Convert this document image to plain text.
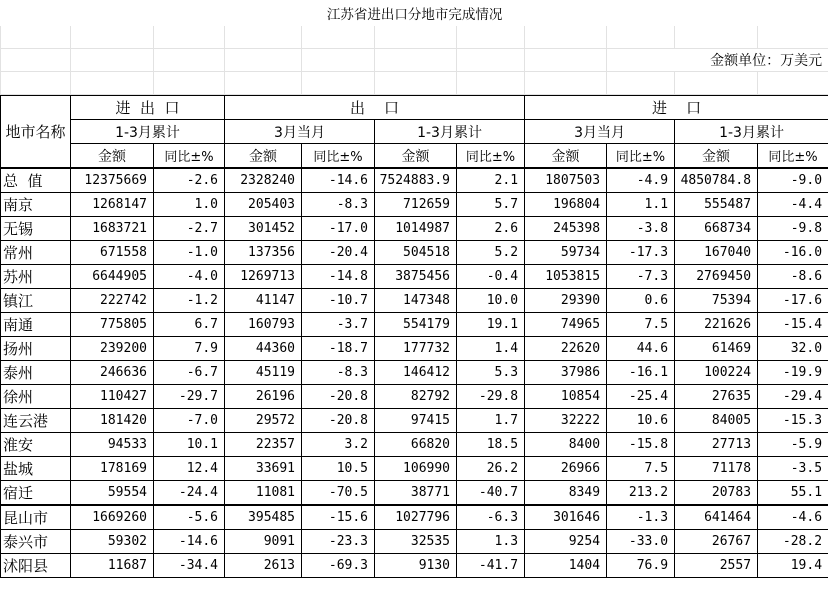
江苏省进出口分地市完成情况										

								金额单位：万美元		

地市名称	进  出  口		出    口				进    口			
	1-3月累计		3月当月		1-3月累计		3月当月		1-3月累计	
	金额	同比±%	金额	同比±%	金额	同比±%	金额	同比±%	金额	同比±%
总  值	12375669	-2.6	2328240	-14.6	7524883.9	2.1	1807503	-4.9	4850784.8	-9.0
南京	1268147	1.0	205403	-8.3	712659	5.7	196804	1.1	555487	-4.4
无锡	1683721	-2.7	301452	-17.0	1014987	2.6	245398	-3.8	668734	-9.8
常州	671558	-1.0	137356	-20.4	504518	5.2	59734	-17.3	167040	-16.0
苏州	6644905	-4.0	1269713	-14.8	3875456	-0.4	1053815	-7.3	2769450	-8.6
镇江	222742	-1.2	41147	-10.7	147348	10.0	29390	0.6	75394	-17.6
南通	775805	6.7	160793	-3.7	554179	19.1	74965	7.5	221626	-15.4
扬州	239200	7.9	44360	-18.7	177732	1.4	22620	44.6	61469	32.0
泰州	246636	-6.7	45119	-8.3	146412	5.3	37986	-16.1	100224	-19.9
徐州	110427	-29.7	26196	-20.8	82792	-29.8	10854	-25.4	27635	-29.4
连云港	181420	-7.0	29572	-20.8	97415	1.7	32222	10.6	84005	-15.3
淮安	94533	10.1	22357	3.2	66820	18.5	8400	-15.8	27713	-5.9
盐城	178169	12.4	33691	10.5	106990	26.2	26966	7.5	71178	-3.5
宿迁	59554	-24.4	11081	-70.5	38771	-40.7	8349	213.2	20783	55.1
昆山市	1669260	-5.6	395485	-15.6	1027796	-6.3	301646	-1.3	641464	-4.6
泰兴市	59302	-14.6	9091	-23.3	32535	1.3	9254	-33.0	26767	-28.2
沭阳县	11687	-34.4	2613	-69.3	9130	-41.7	1404	76.9	2557	19.4
